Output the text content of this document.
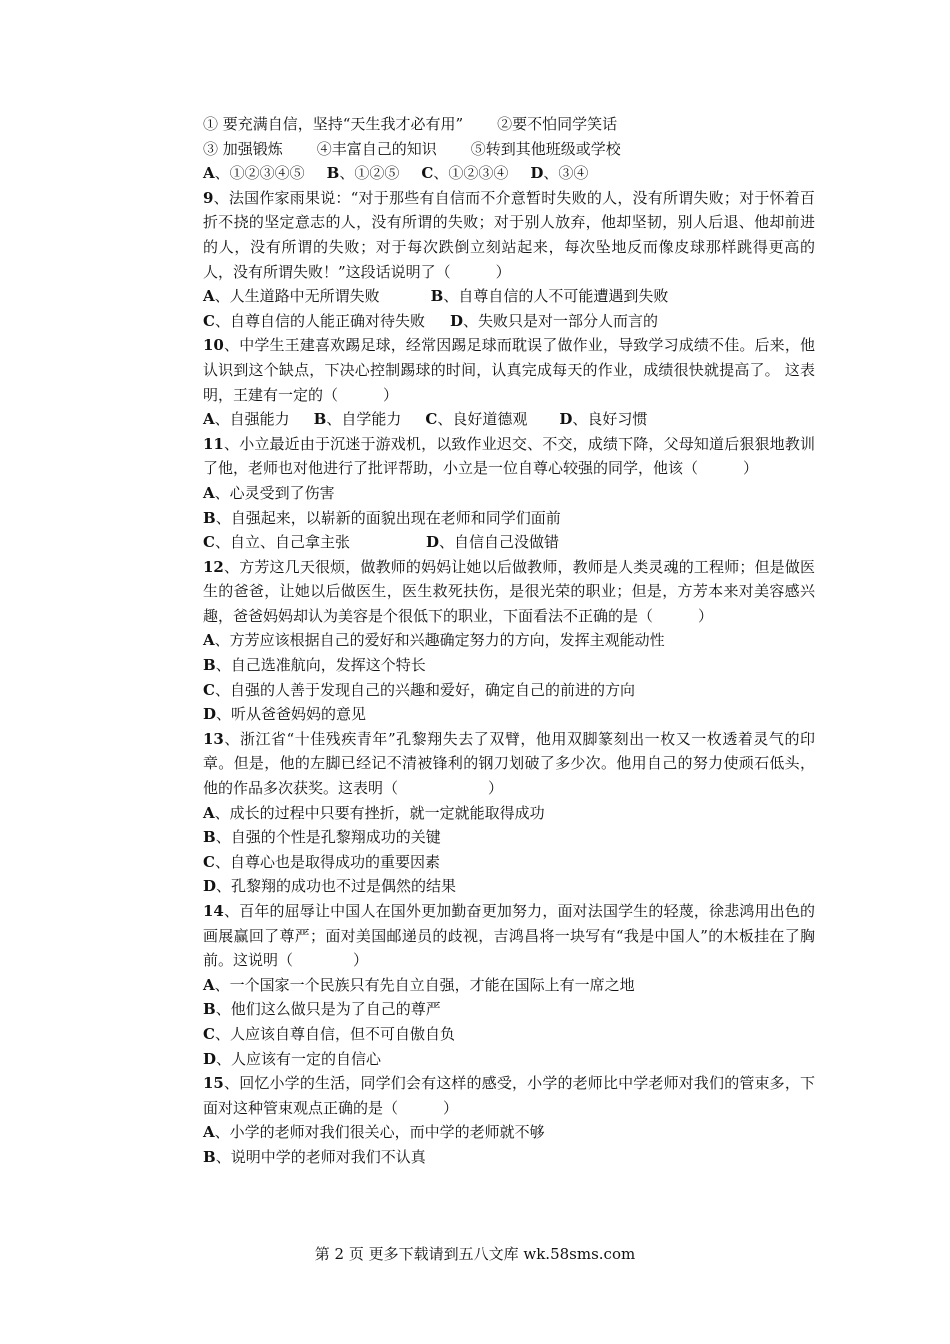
① 要充满自信，坚持“天生我才必有用” ②要不怕同学笑话
③ 加强锻炼 ④丰富自己的知识 ⑤转到其他班级或学校
A、①②③④⑤ B、①②⑤ C、①②③④ D、③④
9、法国作家雨果说：“对于那些有自信而不介意暂时失败的人，没有所谓失败；对于怀着百折不挠的坚定意志的人，没有所谓的失败；对于别人放弃，他却坚韧，别人后退、他却前进的人，没有所谓的失败；对于每次跌倒立刻站起来，每次坠地反而像皮球那样跳得更高的人，没有所谓失败！”这段话说明了（　　　）
A、人生道路中无所谓失败	B、自尊自信的人不可能遭遇到失败
C、自尊自信的人能正确对待失败 D、失败只是对一部分人而言的
10、中学生王建喜欢踢足球，经常因踢足球而耽误了做作业，导致学习成绩不佳。后来，他认识到这个缺点，下决心控制踢球的时间，认真完成每天的作业，成绩很快就提高了。 这表明，王建有一定的（　　　）
A、自强能力 B、自学能力 C、良好道德观 D、良好习惯
11、小立最近由于沉迷于游戏机，以致作业迟交、不交，成绩下降，父母知道后狠狠地教训了他，老师也对他进行了批评帮助，小立是一位自尊心较强的同学，他该（　　　）
A、心灵受到了伤害
B、自强起来，以崭新的面貌出现在老师和同学们面前
C、自立、自己拿主张	D、自信自己没做错
12、方芳这几天很烦，做教师的妈妈让她以后做教师，教师是人类灵魂的工程师；但是做医生的爸爸，让她以后做医生，医生救死扶伤，是很光荣的职业；但是，方芳本来对美容感兴趣，爸爸妈妈却认为美容是个很低下的职业，下面看法不正确的是（　　　）
A、方芳应该根据自己的爱好和兴趣确定努力的方向，发挥主观能动性
B、自己选准航向，发挥这个特长
C、自强的人善于发现自己的兴趣和爱好，确定自己的前进的方向
D、听从爸爸妈妈的意见
13、浙江省“十佳残疾青年”孔黎翔失去了双臂，他用双脚篆刻出一枚又一枚透着灵气的印章。但是，他的左脚已经记不清被锋利的钢刀划破了多少次。他用自己的努力使顽石低头，他的作品多次获奖。这表明（　　　　　　）
A、成长的过程中只要有挫折，就一定就能取得成功
B、自强的个性是孔黎翔成功的关键
C、自尊心也是取得成功的重要因素
D、孔黎翔的成功也不过是偶然的结果
14、百年的屈辱让中国人在国外更加勤奋更加努力，面对法国学生的轻蔑，徐悲鸿用出色的画展赢回了尊严；面对美国邮递员的歧视，吉鸿昌将一块写有“我是中国人”的木板挂在了胸前。这说明（　　　　）
A、一个国家一个民族只有先自立自强，才能在国际上有一席之地
B、他们这么做只是为了自己的尊严
C、人应该自尊自信，但不可自傲自负
D、人应该有一定的自信心
15、回忆小学的生活，同学们会有这样的感受，小学的老师比中学老师对我们的管束多，下面对这种管束观点正确的是（　　　）
A、小学的老师对我们很关心，而中学的老师就不够
B、说明中学的老师对我们不认真
第 2 页 更多下载请到五八文库 wk.58sms.com
